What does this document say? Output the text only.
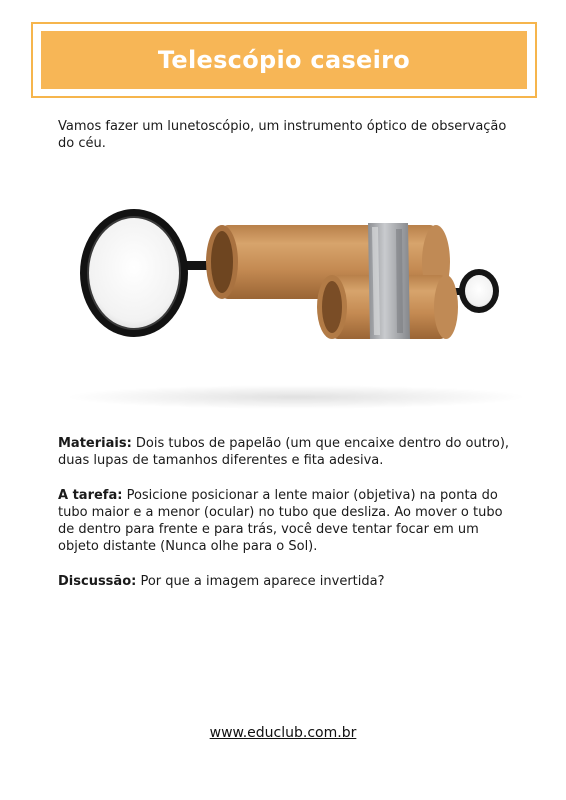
Telescópio caseiro
Vamos fazer um lunetoscópio, um instrumento óptico de observação do céu.
Materiais: Dois tubos de papelão (um que encaixe dentro do outro), duas lupas de tamanhos diferentes e fita adesiva.
A tarefa: Posicione posicionar a lente maior (objetiva) na ponta do tubo maior e a menor (ocular) no tubo que desliza. Ao mover o tubo de dentro para frente e para trás, você deve tentar focar em um objeto distante (Nunca olhe para o Sol).
Discussão: Por que a imagem aparece invertida?
www.educlub.com.br
